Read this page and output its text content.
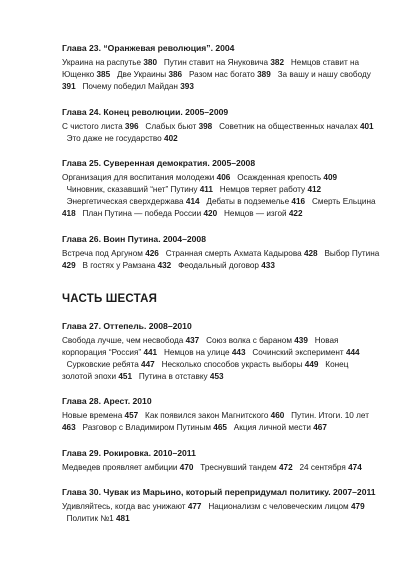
Глава 23. “Оранжевая революция”. 2004
Украина на распутье 380 Путин ставит на Януковича 382 Немцов ставит на Ющенко 385 Две Украины 386 Разом нас богато 389 За вашу и нашу свободу 391 Почему победил Майдан 393
Глава 24. Конец революции. 2005–2009
С чистого листа 396 Слабых бьют 398 Советник на общественных началах 401 Это даже не государство 402
Глава 25. Суверенная демократия. 2005–2008
Организация для воспитания молодежи 406 Осажденная крепость 409 Чиновник, сказавший “нет” Путину 411 Немцов теряет работу 412 Энергетическая сверхдержава 414 Дебаты в подземелье 416 Смерть Ельцина 418 План Путина — победа России 420 Немцов — изгой 422
Глава 26. Воин Путина. 2004–2008
Встреча под Аргуном 426 Странная смерть Ахмата Кадырова 428 Выбор Путина 429 В гостях у Рамзана 432 Феодальный договор 433
ЧАСТЬ ШЕСТАЯ
Глава 27. Оттепель. 2008–2010
Свобода лучше, чем несвобода 437 Союз волка с бараном 439 Новая корпорация “Россия” 441 Немцов на улице 443 Сочинский эксперимент 444 Сурковские ребята 447 Несколько способов украсть выборы 449 Конец золотой эпохи 451 Путина в отставку 453
Глава 28. Арест. 2010
Новые времена 457 Как появился закон Магнитского 460 Путин. Итоги. 10 лет 463 Разговор с Владимиром Путиным 465 Акция личной мести 467
Глава 29. Рокировка. 2010–2011
Медведев проявляет амбиции 470 Треснувший тандем 472 24 сентября 474
Глава 30. Чувак из Марьино, который перепридумал политику. 2007–2011
Удивляйтесь, когда вас унижают 477 Национализм с человеческим лицом 479 Политик №1 481
